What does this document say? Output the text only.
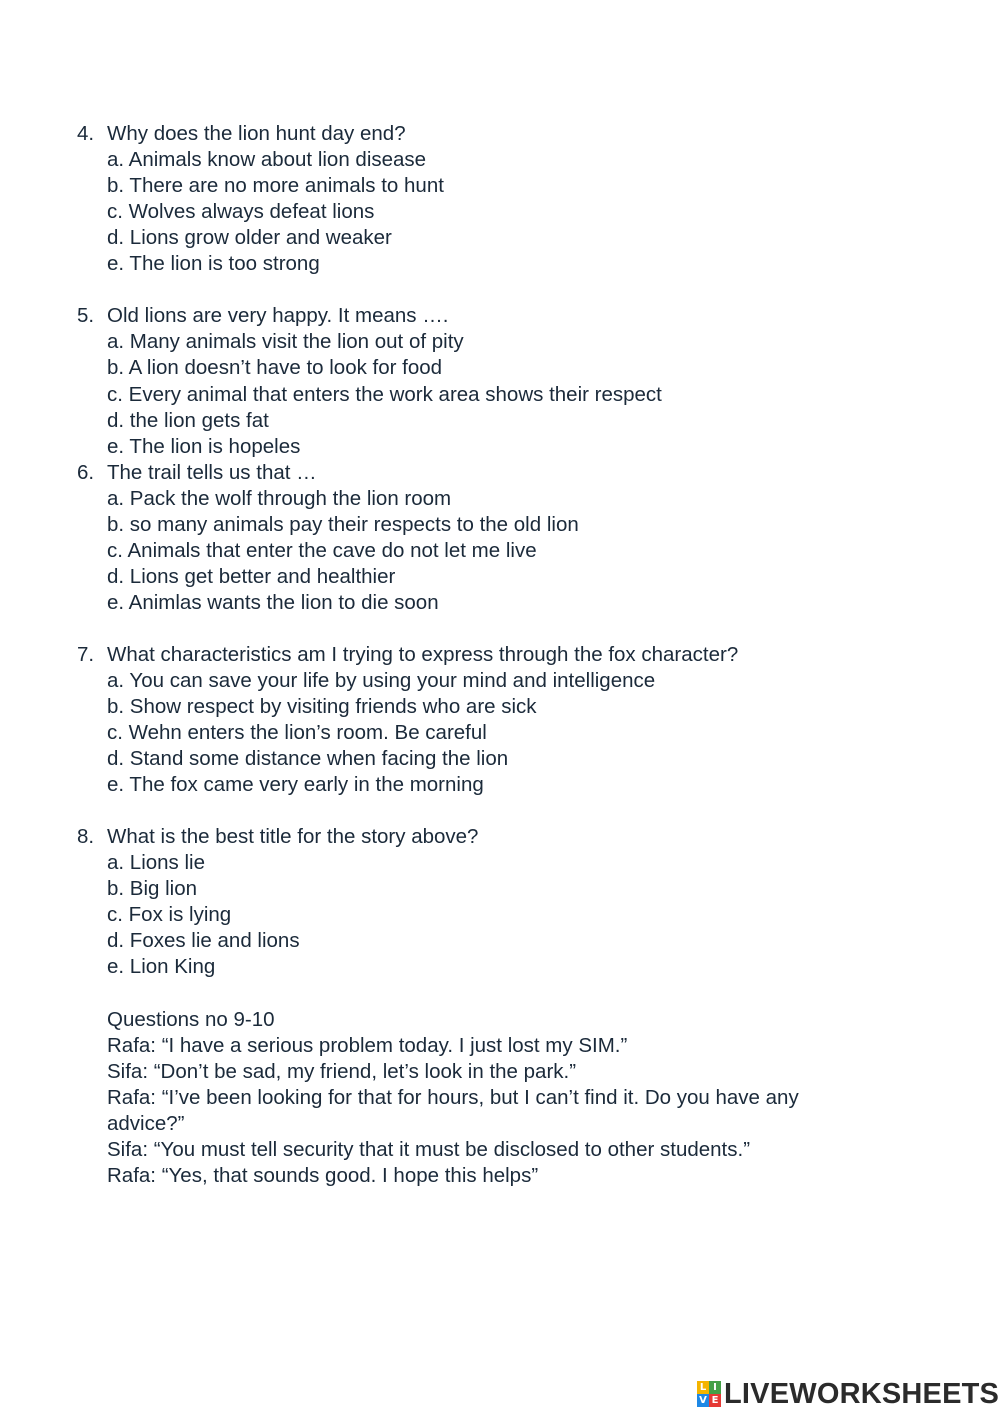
4. Why does the lion hunt day end?
a. Animals know about lion disease
b. There are no more animals to hunt
c. Wolves always defeat lions
d. Lions grow older and weaker
e. The lion is too strong
5. Old lions are very happy. It means ….
a. Many animals visit the lion out of pity
b. A lion doesn’t have to look for food
c. Every animal that enters the work area shows their respect
d. the lion gets fat
e. The lion is hopeles
6. The trail tells us that …
a. Pack the wolf through the lion room
b. so many animals pay their respects to the old lion
c. Animals that enter the cave do not let me live
d. Lions get better and healthier
e. Animlas wants the lion to die soon
7. What characteristics am I trying to express through the fox character?
a. You can save your life by using your mind and intelligence
b. Show respect by visiting friends who are sick
c. Wehn enters the lion’s room. Be careful
d. Stand some distance when facing the lion
e. The fox came very early in the morning
8. What is the best title for the story above?
a. Lions lie
b. Big lion
c. Fox is lying
d. Foxes lie and lions
e. Lion King
Questions no 9-10
Rafa: “I have a serious problem today. I just lost my SIM.”
Sifa: “Don’t be sad, my friend, let’s look in the park.”
Rafa: “I’ve been looking for that for hours, but I can’t find it. Do you have any
advice?”
Sifa: “You must tell security that it must be disclosed to other students.”
Rafa: “Yes, that sounds good. I hope this helps”
L I
V E LIVEWORKSHEETS
